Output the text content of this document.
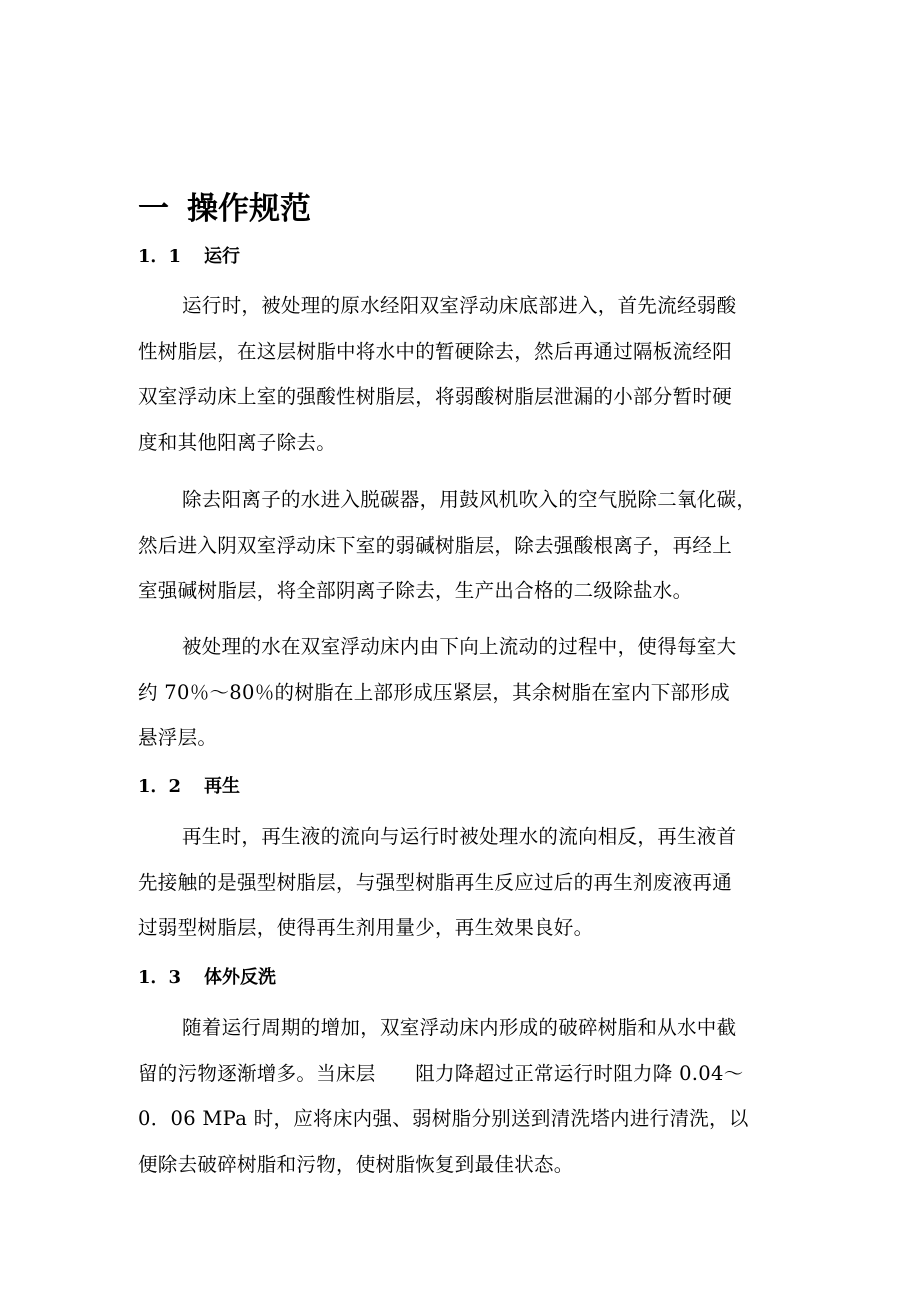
一 操作规范
1．1 运行

运行时，被处理的原水经阳双室浮动床底部进入，首先流经弱酸
性树脂层，在这层树脂中将水中的暂硬除去，然后再通过隔板流经阳
双室浮动床上室的强酸性树脂层，将弱酸树脂层泄漏的小部分暂时硬
度和其他阳离子除去。

除去阳离子的水进入脱碳器，用鼓风机吹入的空气脱除二氧化碳，
然后进入阴双室浮动床下室的弱碱树脂层，除去强酸根离子，再经上
室强碱树脂层，将全部阴离子除去，生产出合格的二级除盐水。

被处理的水在双室浮动床内由下向上流动的过程中，使得每室大
约 70％～80％的树脂在上部形成压紧层，其余树脂在室内下部形成
悬浮层。

1．2 再生

再生时，再生液的流向与运行时被处理水的流向相反，再生液首
先接触的是强型树脂层，与强型树脂再生反应过后的再生剂废液再通
过弱型树脂层，使得再生剂用量少，再生效果良好。

1．3 体外反洗

随着运行周期的增加，双室浮动床内形成的破碎树脂和从水中截
留的污物逐渐增多。当床层　　阻力降超过正常运行时阻力降 0.04～
0．06 MPa 时，应将床内强、弱树脂分别送到清洗塔内进行清洗，以
便除去破碎树脂和污物，使树脂恢复到最佳状态。
